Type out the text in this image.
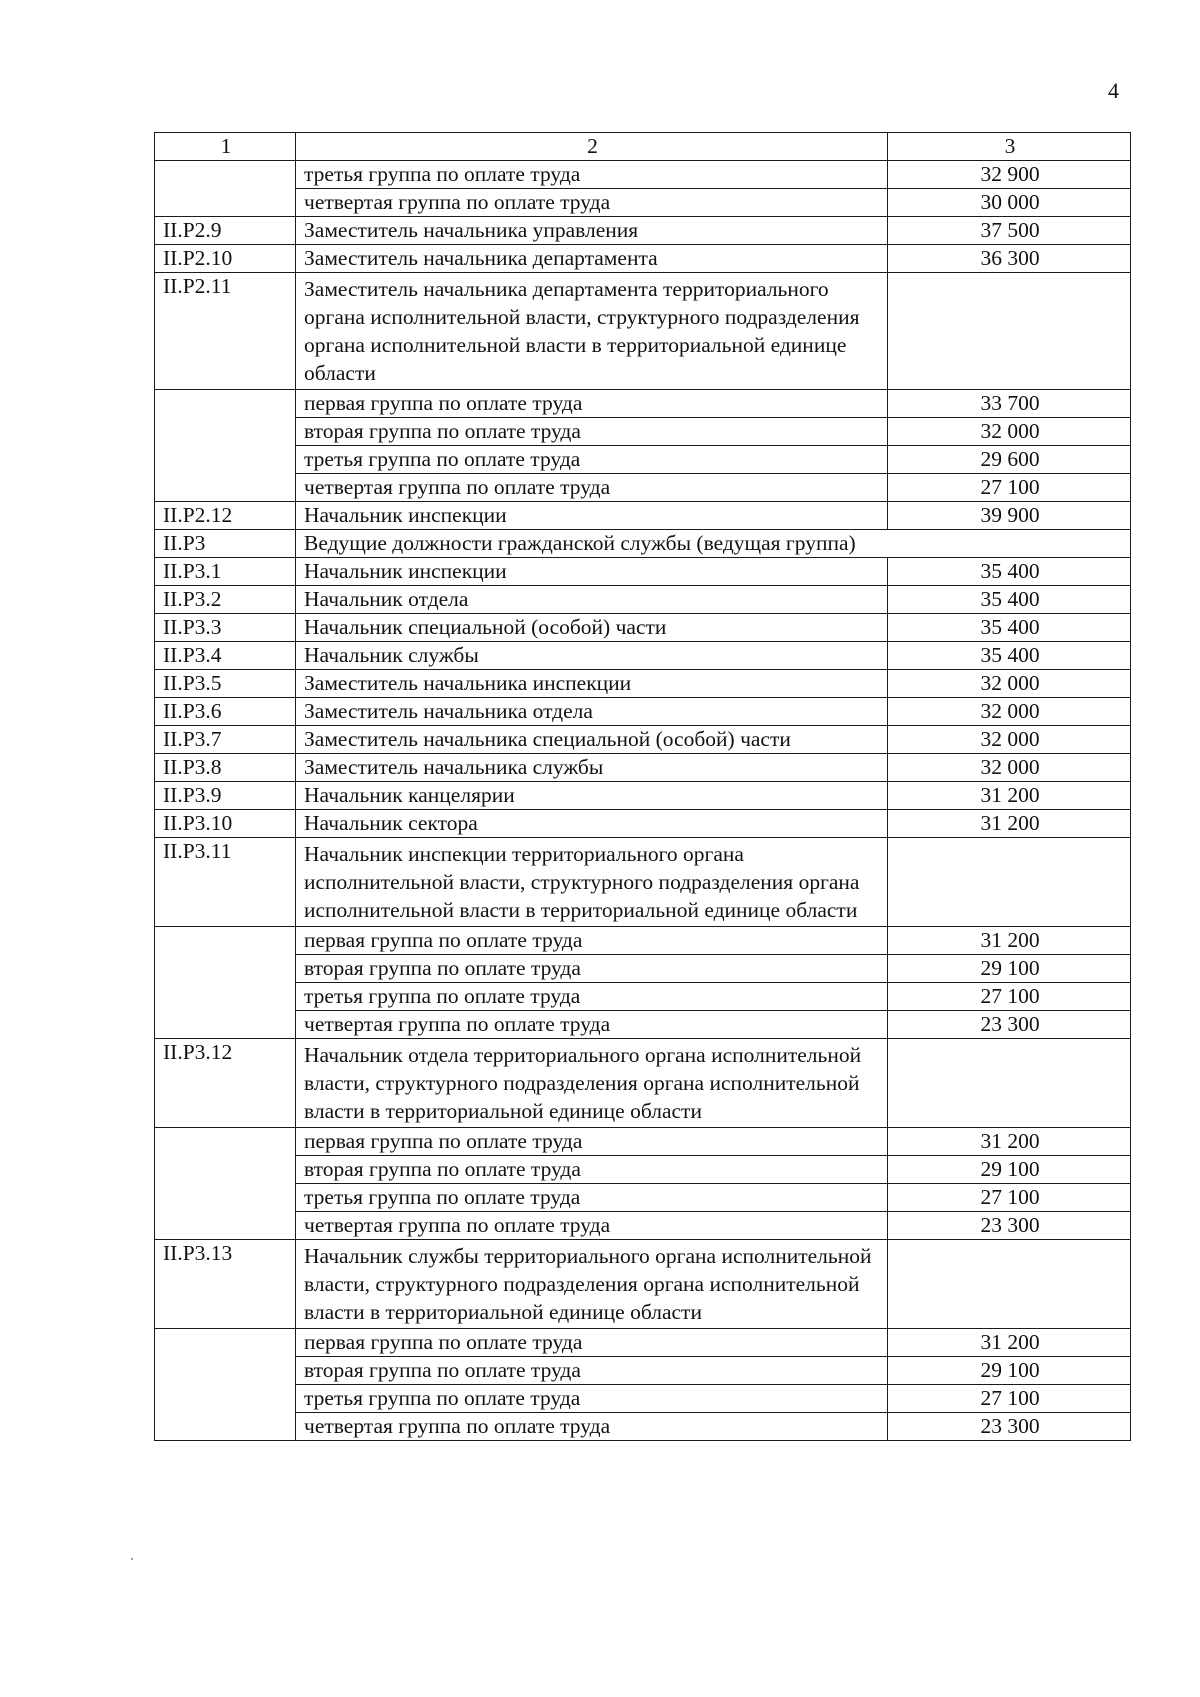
4
1	2	3
	третья группа по оплате труда	32 900
	четвертая группа по оплате труда	30 000
II.P2.9	Заместитель начальника управления	37 500
II.P2.10	Заместитель начальника департамента	36 300
II.P2.11	Заместитель начальника департамента территориального органа исполнительной власти, структурного подразделения органа исполнительной власти в территориальной единице области	
	первая группа по оплате труда	33 700
	вторая группа по оплате труда	32 000
	третья группа по оплате труда	29 600
	четвертая группа по оплате труда	27 100
II.P2.12	Начальник инспекции	39 900
II.P3	Ведущие должности гражданской службы (ведущая группа)	
II.P3.1	Начальник инспекции	35 400
II.P3.2	Начальник отдела	35 400
II.P3.3	Начальник специальной (особой) части	35 400
II.P3.4	Начальник службы	35 400
II.P3.5	Заместитель начальника инспекции	32 000
II.P3.6	Заместитель начальника отдела	32 000
II.P3.7	Заместитель начальника специальной (особой) части	32 000
II.P3.8	Заместитель начальника службы	32 000
II.P3.9	Начальник канцелярии	31 200
II.P3.10	Начальник сектора	31 200
II.P3.11	Начальник инспекции территориального органа исполнительной власти, структурного подразделения органа исполнительной власти в территориальной единице области	
	первая группа по оплате труда	31 200
	вторая группа по оплате труда	29 100
	третья группа по оплате труда	27 100
	четвертая группа по оплате труда	23 300
II.P3.12	Начальник отдела территориального органа исполнительной власти, структурного подразделения органа исполнительной власти в территориальной единице области	
	первая группа по оплате труда	31 200
	вторая группа по оплате труда	29 100
	третья группа по оплате труда	27 100
	четвертая группа по оплате труда	23 300
II.P3.13	Начальник службы территориального органа исполнительной власти, структурного подразделения органа исполнительной власти в территориальной единице области	
	первая группа по оплате труда	31 200
	вторая группа по оплате труда	29 100
	третья группа по оплате труда	27 100
	четвертая группа по оплате труда	23 300
